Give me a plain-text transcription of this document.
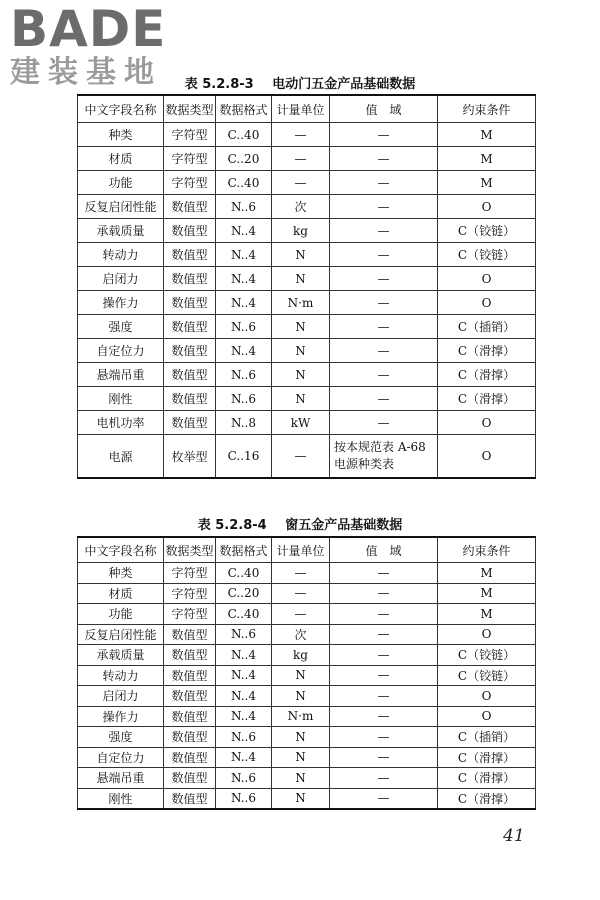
BADE
建装基地	表 5.2.8-3 电动门五金产品基础数据
中文字段名称	数据类型	数据格式	计量单位	值　域	约束条件
种类	字符型	C..40	—	—	M
材质	字符型	C..20	—	—	M
功能	字符型	C..40	—	—	M
反复启闭性能	数值型	N..6	次	—	O
承载质量	数值型	N..4	kg	—	C（铰链）
转动力	数值型	N..4	N	—	C（铰链）
启闭力	数值型	N..4	N	—	O
操作力	数值型	N..4	N·m	—	O
强度	数值型	N..6	N	—	C（插销）
自定位力	数值型	N..4	N	—	C（滑撑）
悬端吊重	数值型	N..6	N	—	C（滑撑）
刚性	数值型	N..6	N	—	C（滑撑）
电机功率	数值型	N..8	kW	—	O
电源	枚举型	C..16	—	按本规范表 A-68 电源种类表	O
表 5.2.8-4 窗五金产品基础数据
中文字段名称	数据类型	数据格式	计量单位	值　域	约束条件
种类	字符型	C..40	—	—	M
材质	字符型	C..20	—	—	M
功能	字符型	C..40	—	—	M
反复启闭性能	数值型	N..6	次	—	O
承载质量	数值型	N..4	kg	—	C（铰链）
转动力	数值型	N..4	N	—	C（铰链）
启闭力	数值型	N..4	N	—	O
操作力	数值型	N..4	N·m	—	O
强度	数值型	N..6	N	—	C（插销）
自定位力	数值型	N..4	N	—	C（滑撑）
悬端吊重	数值型	N..6	N	—	C（滑撑）
刚性	数值型	N..6	N	—	C（滑撑）
41
